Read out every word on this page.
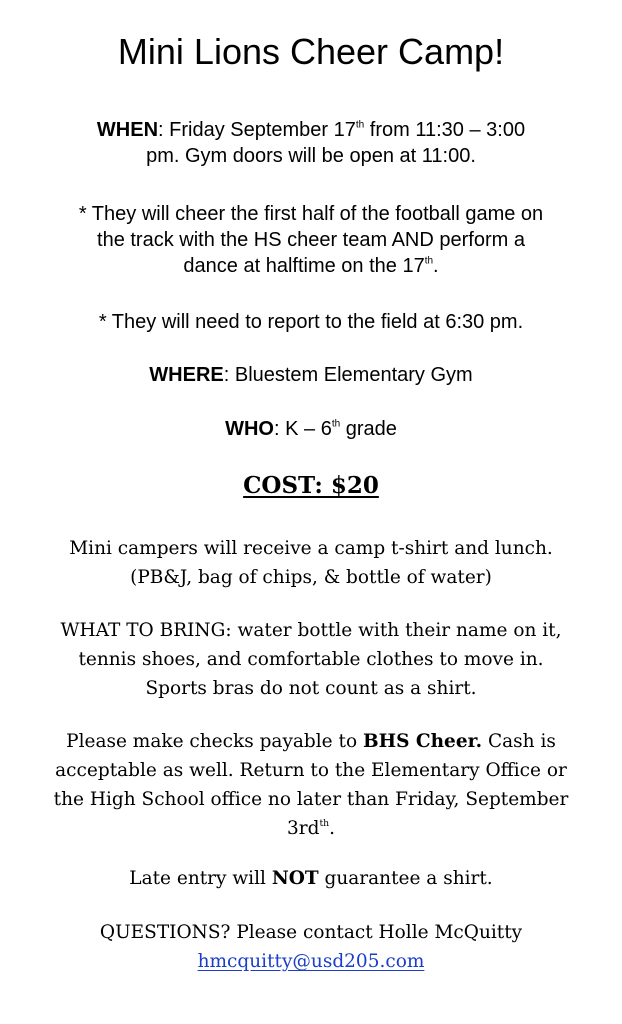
Mini Lions Cheer Camp!
WHEN: Friday September 17th from 11:30 – 3:00
pm. Gym doors will be open at 11:00.
* They will cheer the first half of the football game on
the track with the HS cheer team AND perform a
dance at halftime on the 17th.
* They will need to report to the field at 6:30 pm.
WHERE: Bluestem Elementary Gym
WHO: K – 6th grade
COST: $20
Mini campers will receive a camp t-shirt and lunch.
(PB&J, bag of chips, & bottle of water)
WHAT TO BRING: water bottle with their name on it,
tennis shoes, and comfortable clothes to move in.
Sports bras do not count as a shirt.
Please make checks payable to BHS Cheer. Cash is
acceptable as well. Return to the Elementary Office or
the High School office no later than Friday, September
$3rd^{th}$.
Late entry will NOT guarantee a shirt.
QUESTIONS? Please contact Holle McQuitty
hmcquitty@usd205.com
